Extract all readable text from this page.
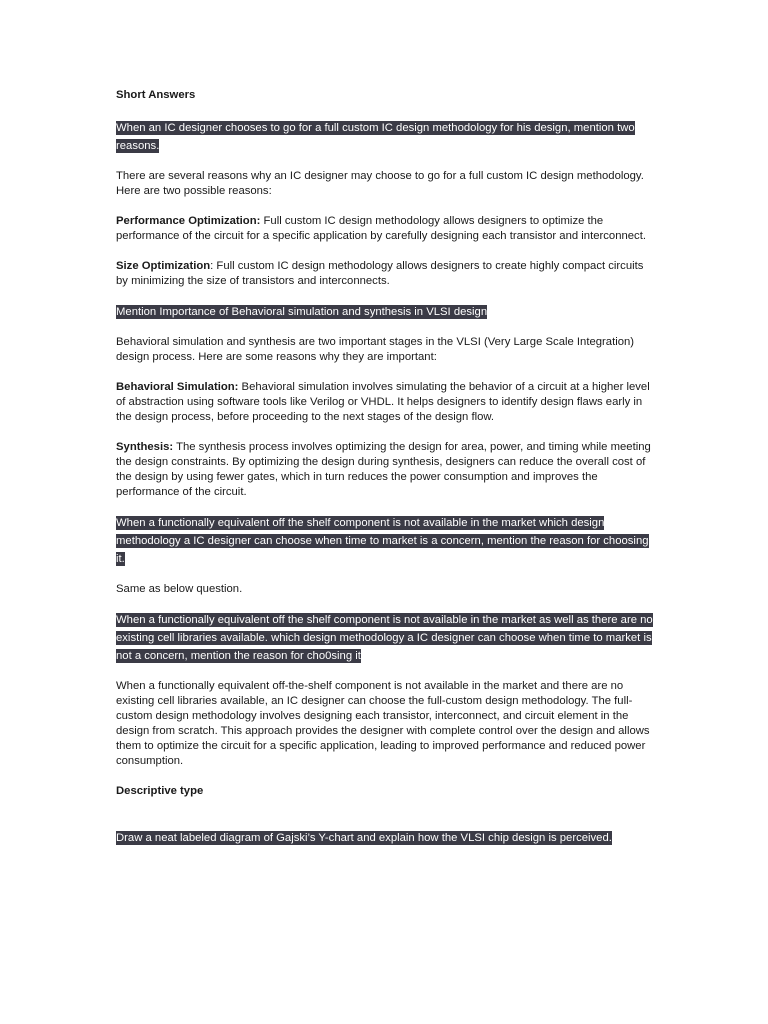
Short Answers

When an IC designer chooses to go for a full custom IC design methodology for his design, mention two reasons.

There are several reasons why an IC designer may choose to go for a full custom IC design methodology. Here are two possible reasons:

Performance Optimization: Full custom IC design methodology allows designers to optimize the performance of the circuit for a specific application by carefully designing each transistor and interconnect.

Size Optimization: Full custom IC design methodology allows designers to create highly compact circuits by minimizing the size of transistors and interconnects.

Mention Importance of Behavioral simulation and synthesis in VLSI design

Behavioral simulation and synthesis are two important stages in the VLSI (Very Large Scale Integration) design process. Here are some reasons why they are important:

Behavioral Simulation: Behavioral simulation involves simulating the behavior of a circuit at a higher level of abstraction using software tools like Verilog or VHDL. It helps designers to identify design flaws early in the design process, before proceeding to the next stages of the design flow.

Synthesis: The synthesis process involves optimizing the design for area, power, and timing while meeting the design constraints. By optimizing the design during synthesis, designers can reduce the overall cost of the design by using fewer gates, which in turn reduces the power consumption and improves the performance of the circuit.

When a functionally equivalent off the shelf component is not available in the market which design methodology a IC designer can choose when time to market is a concern, mention the reason for choosing it.

Same as below question.

When a functionally equivalent off the shelf component is not available in the market as well as there are no existing cell libraries available. which design methodology a IC designer can choose when time to market is not a concern, mention the reason for cho0sing it

When a functionally equivalent off-the-shelf component is not available in the market and there are no existing cell libraries available, an IC designer can choose the full-custom design methodology. The full-custom design methodology involves designing each transistor, interconnect, and circuit element in the design from scratch. This approach provides the designer with complete control over the design and allows them to optimize the circuit for a specific application, leading to improved performance and reduced power consumption.

Descriptive type

Draw a neat labeled diagram of Gajski’s Y-chart and explain how the VLSI chip design is perceived.
